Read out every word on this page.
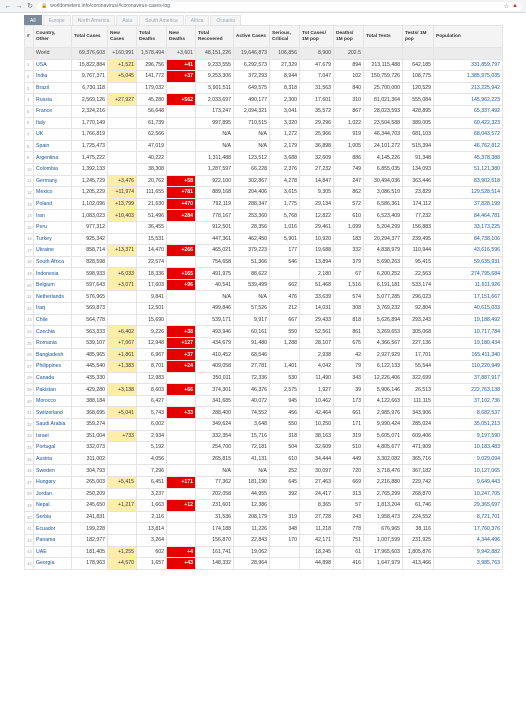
← → ↻ 🔒 worldometers.info/coronavirus/#coronavirus-cases-log	☆ ▲
All	Europe	North America	Asia	South America	Africa	Oceania
#	Country, Other	Total Cases	New Cases	Total Deaths	New Deaths	Total Recovered	Active Cases	Serious, Critical	Tot Cases/ 1M pop	Deaths/ 1M pop	Total Tests	Tests/ 1M pop	Population
	World	69,376,603	+160,991	1,578,494	+3,601	48,151,226	19,646,873	106,856	8,900	202.5			
1	USA	15,822,884	+1,521	296,756	+41	9,233,555	6,292,573	27,329	47,679	894	213,115,488	642,185	331,859,797
2	India	9,767,371	+5,045	141,772	+37	9,253,306	372,293	8,944	7,047	102	150,759,726	108,775	1,385,975,035
3	Brazil	6,730,118		179,032		5,901,511	649,575	8,318	31,563	840	25,700,000	120,529	213,225,942
4	Russia	2,569,126	+27,927	45,280	+562	2,033,697	490,177	2,300	17,601	310	81,021,364	555,084	145,962,223
5	France	2,324,216		56,648		173,247	2,094,321	3,041	35,572	867	28,023,593	428,895	65,337,492
6	Italy	1,770,149		61,739		997,895	710,515	3,320	29,296	1,022	23,504,588	389,005	60,422,323
7	UK	1,766,819		62,566		N/A	N/A	1,272	25,966	919	46,344,703	681,103	68,043,572
8	Spain	1,725,473		47,019		N/A	N/A	2,179	36,898	1,005	24,101,272	515,394	46,762,812
9	Argentina	1,475,222		40,222		1,311,488	123,512	3,688	32,609	886	4,145,226	91,348	45,378,388
10	Colombia	1,392,133		38,308		1,287,597	66,228	2,376	27,232	749	6,855,035	134,093	51,121,380
11	Germany	1,245,729	+3,476	20,762	+58	922,100	302,867	4,278	14,847	247	30,494,036	363,446	83,902,618
12	Mexico	1,205,229	+11,974	111,655	+781	889,168	204,406	3,615	9,305	862	3,086,510	23,829	129,528,514
13	Poland	1,102,096	+13,799	21,630	+470	792,119	288,347	1,775	29,134	572	6,586,361	174,112	37,828,199
14	Iran	1,083,023	+10,403	51,496	+284	778,167	253,360	5,768	12,822	610	6,523,409	77,232	84,464,781
15	Peru	977,312		36,455		912,501	28,356	1,016	29,461	1,099	5,204,299	156,883	33,173,225
16	Turkey	925,342		15,531		447,361	462,450	5,901	10,920	183	20,294,377	239,495	84,738,106
17	Ukraine	858,714	+13,371	14,470	+266	465,021	379,223	177	19,688	332	4,838,979	110,944	43,616,596
18	South Africa	828,598		22,574		754,658	51,366	546	13,894	379	5,690,263	95,415	59,635,931
19	Indonesia	598,933	+6,033	18,336	+165	491,975	88,622		2,180	67	6,200,252	22,563	274,795,684
20	Belgium	597,643	+3,071	17,603	+96	40,541	539,499	662	51,468	1,516	6,191,181	533,174	11,611,926
21	Netherlands	576,965		9,841		N/A	N/A	476	33,639	574	5,077,285	296,023	17,151,667
22	Iraq	569,873		12,501		499,846	57,526	212	14,031	308	3,769,232	92,804	40,615,033
23	Chile	564,778		15,690		539,171	9,917	667	29,433	818	5,626,894	293,243	19,188,492
24	Czechia	563,333	+6,402	9,226	+38	493,946	60,161	550	52,561	861	3,269,653	305,068	10,717,784
25	Romania	539,107	+7,067	12,948	+127	434,679	91,480	1,288	28,107	675	4,366,567	227,136	19,180,434
26	Bangladesh	485,965	+1,861	6,967	+37	410,452	68,546		2,938	42	2,927,929	17,701	165,411,340
27	Philippines	445,540	+1,383	8,701	+24	409,058	27,781	1,401	4,042	79	6,122,133	55,544	110,220,949
28	Canada	435,330		12,983		350,011	72,336	530	11,490	343	12,226,406	322,699	37,887,917
29	Pakistan	429,280	+3,138	8,603	+66	374,301	46,376	2,575	1,927	39	5,906,146	26,513	222,763,138
30	Morocco	388,184		6,427		341,685	40,072	945	10,462	173	4,122,663	111,115	37,102,736
31	Switzerland	368,695	+5,041	5,743	+33	288,400	74,552	456	42,464	661	2,985,976	343,906	8,682,537
32	Saudi Arabia	359,274		6,002		349,624	3,648	550	10,250	171	9,990,424	285,024	35,051,213
33	Israel	351,004	+733	2,934		332,354	15,716	318	38,163	319	5,605,071	609,406	9,197,590
34	Portugal	332,073		5,192		254,700	72,181	504	32,609	510	4,805,677	471,909	10,183,483
35	Austria	311,002		4,056		265,815	41,131	610	34,444	449	3,302,082	365,716	9,029,094
36	Sweden	304,793		7,296		N/A	N/A	252	30,097	720	3,718,476	367,182	10,127,065
37	Hungary	265,003	+5,415	6,451	+171	77,362	181,190	645	27,463	669	2,216,880	229,742	9,649,443
38	Jordan	250,209		3,237		202,058	44,955	392	24,417	313	2,765,299	268,870	10,247,705
39	Nepal	245,650	+1,217	1,663	+12	231,601	12,386		8,365	57	1,813,204	61,746	29,365,697
40	Serbia	241,831		2,116		31,536	208,179	319	27,728	243	1,958,473	224,552	8,721,701
41	Ecuador	199,228		13,814		174,188	11,226	348	11,218	778	676,965	38,116	17,760,376
42	Panama	182,977		3,264		156,870	22,843	170	42,171	751	1,007,599	231,925	4,344,496
43	UAE	181,405	+1,255	602	+4	161,741	19,062		18,245	61	17,965,603	1,805,876	9,942,882
44	Georgia	178,963	+4,570	1,657	+43	148,332	28,964		44,898	416	1,647,979	413,466	3,985,763
